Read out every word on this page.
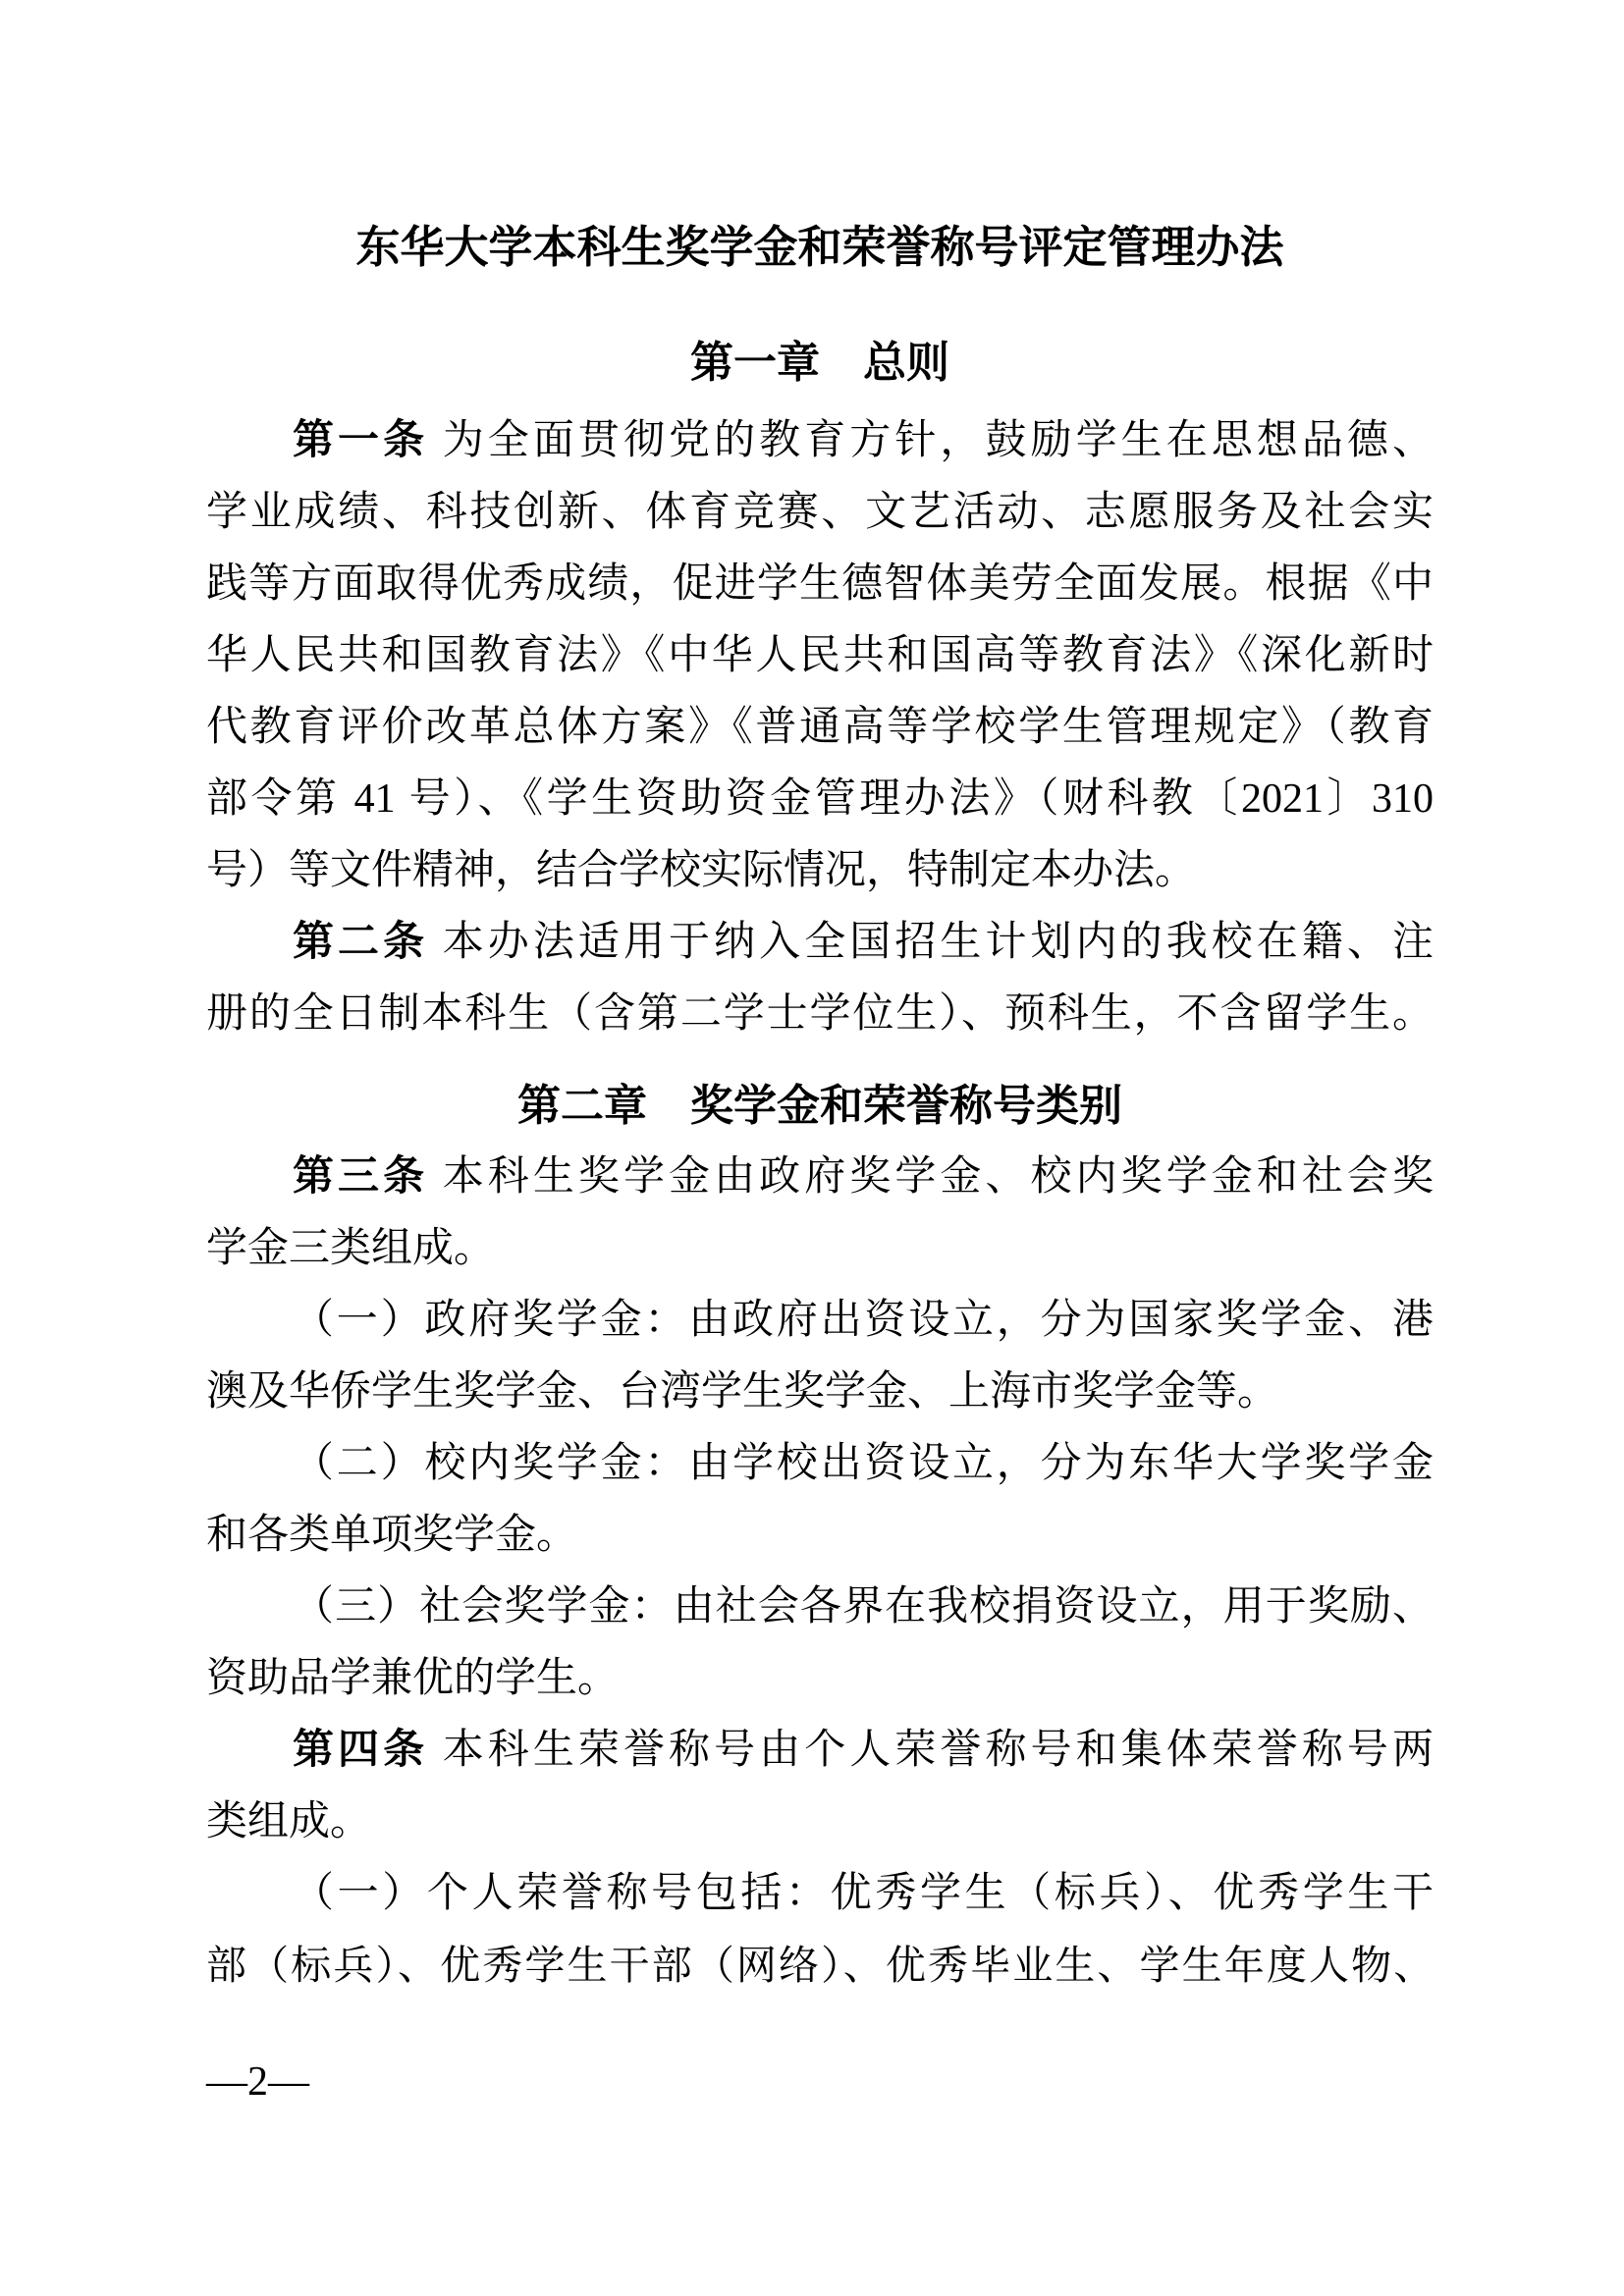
东华大学本科生奖学金和荣誉称号评定管理办法
第一章　总则
第一条 为全面贯彻党的教育方针，鼓励学生在思想品德、
学业成绩、科技创新、体育竞赛、文艺活动、志愿服务及社会实
践等方面取得优秀成绩，促进学生德智体美劳全面发展。根据《中
华人民共和国教育法》《中华人民共和国高等教育法》《深化新时
代教育评价改革总体方案》《普通高等学校学生管理规定》（教育
部令第 41 号）、《学生资助资金管理办法》（财科教〔2021〕310
号）等文件精神，结合学校实际情况，特制定本办法。
第二条 本办法适用于纳入全国招生计划内的我校在籍、注
册的全日制本科生（含第二学士学位生）、预科生，不含留学生。
第二章　奖学金和荣誉称号类别
第三条 本科生奖学金由政府奖学金、校内奖学金和社会奖
学金三类组成。
（一）政府奖学金：由政府出资设立，分为国家奖学金、港
澳及华侨学生奖学金、台湾学生奖学金、上海市奖学金等。
（二）校内奖学金：由学校出资设立，分为东华大学奖学金
和各类单项奖学金。
（三）社会奖学金：由社会各界在我校捐资设立，用于奖励、
资助品学兼优的学生。
第四条 本科生荣誉称号由个人荣誉称号和集体荣誉称号两
类组成。
（一）个人荣誉称号包括：优秀学生（标兵）、优秀学生干
部（标兵）、优秀学生干部（网络）、优秀毕业生、学生年度人物、
—2—
